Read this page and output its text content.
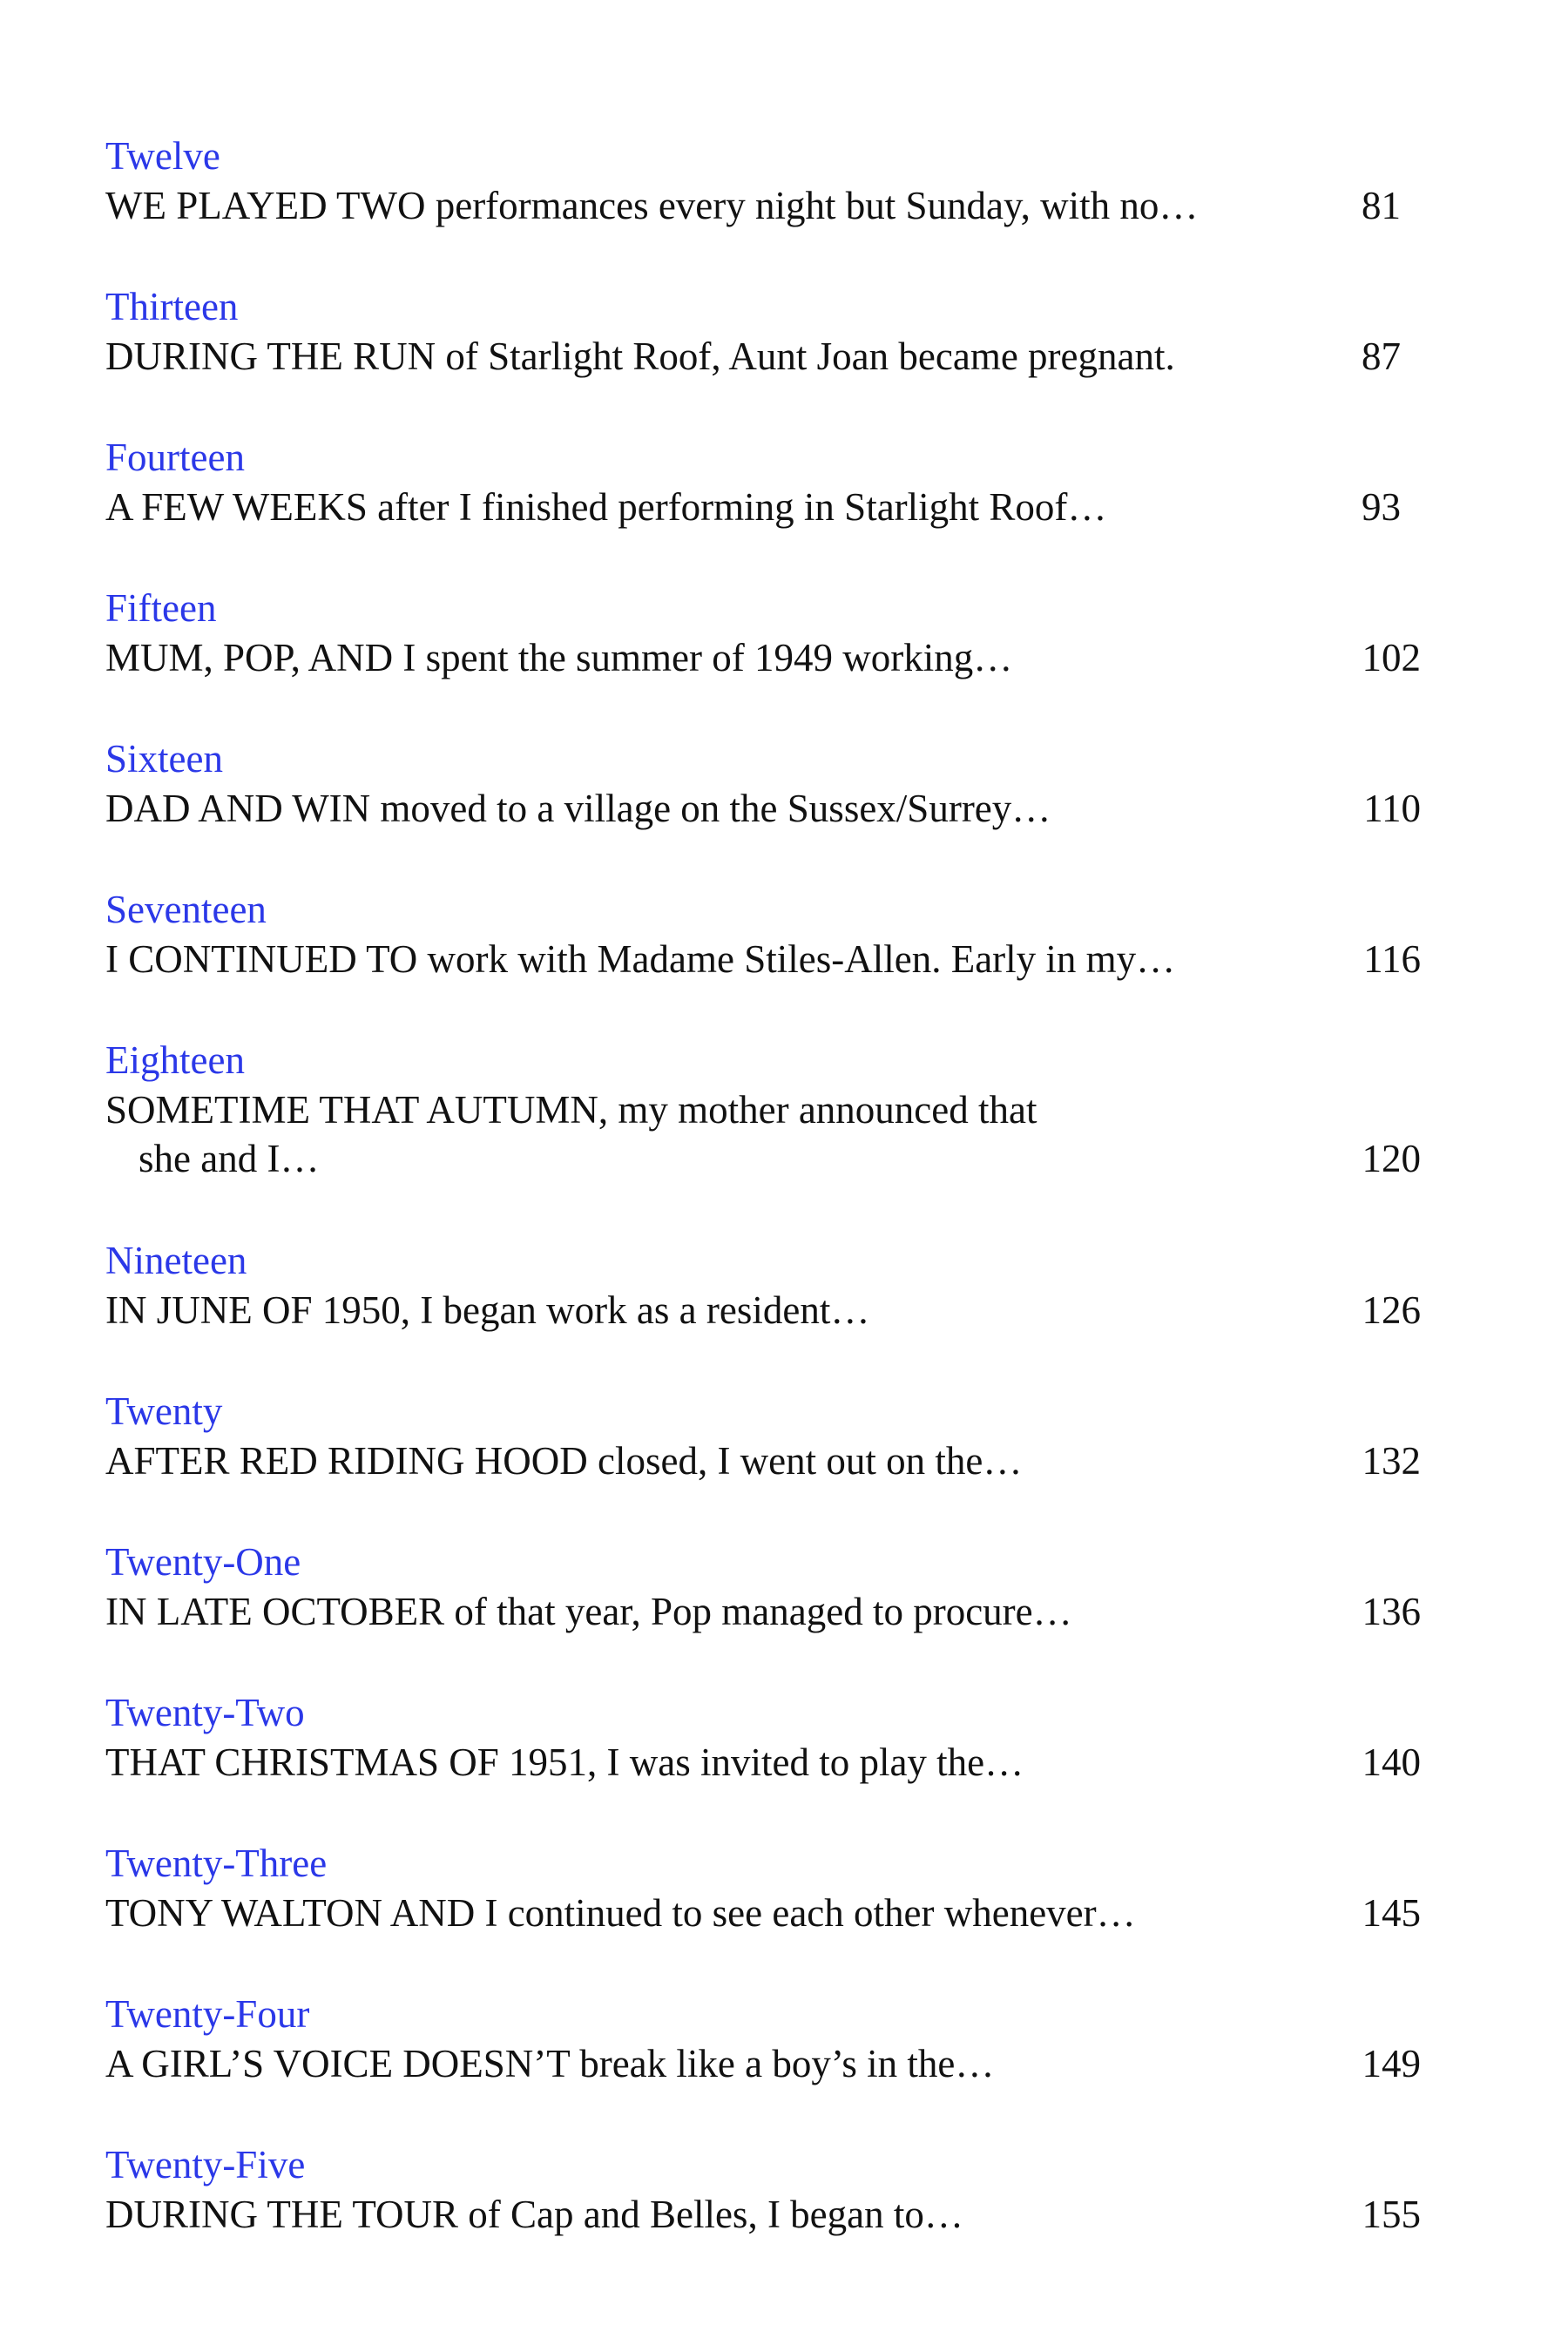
Twelve
WE PLAYED TWO performances every night but Sunday, with no…	81
Thirteen
DURING THE RUN of Starlight Roof, Aunt Joan became pregnant.	87
Fourteen
A FEW WEEKS after I finished performing in Starlight Roof…	93
Fifteen
MUM, POP, AND I spent the summer of 1949 working…	102
Sixteen
DAD AND WIN moved to a village on the Sussex/Surrey…	110
Seventeen
I CONTINUED TO work with Madame Stiles-Allen. Early in my…	116
Eighteen
SOMETIME THAT AUTUMN, my mother announced that
she and I…	120
Nineteen
IN JUNE OF 1950, I began work as a resident…	126
Twenty
AFTER RED RIDING HOOD closed, I went out on the…	132
Twenty-One
IN LATE OCTOBER of that year, Pop managed to procure…	136
Twenty-Two
THAT CHRISTMAS OF 1951, I was invited to play the…	140
Twenty-Three
TONY WALTON AND I continued to see each other whenever…	145
Twenty-Four
A GIRL’S VOICE DOESN’T break like a boy’s in the…	149
Twenty-Five
DURING THE TOUR of Cap and Belles, I began to…	155
